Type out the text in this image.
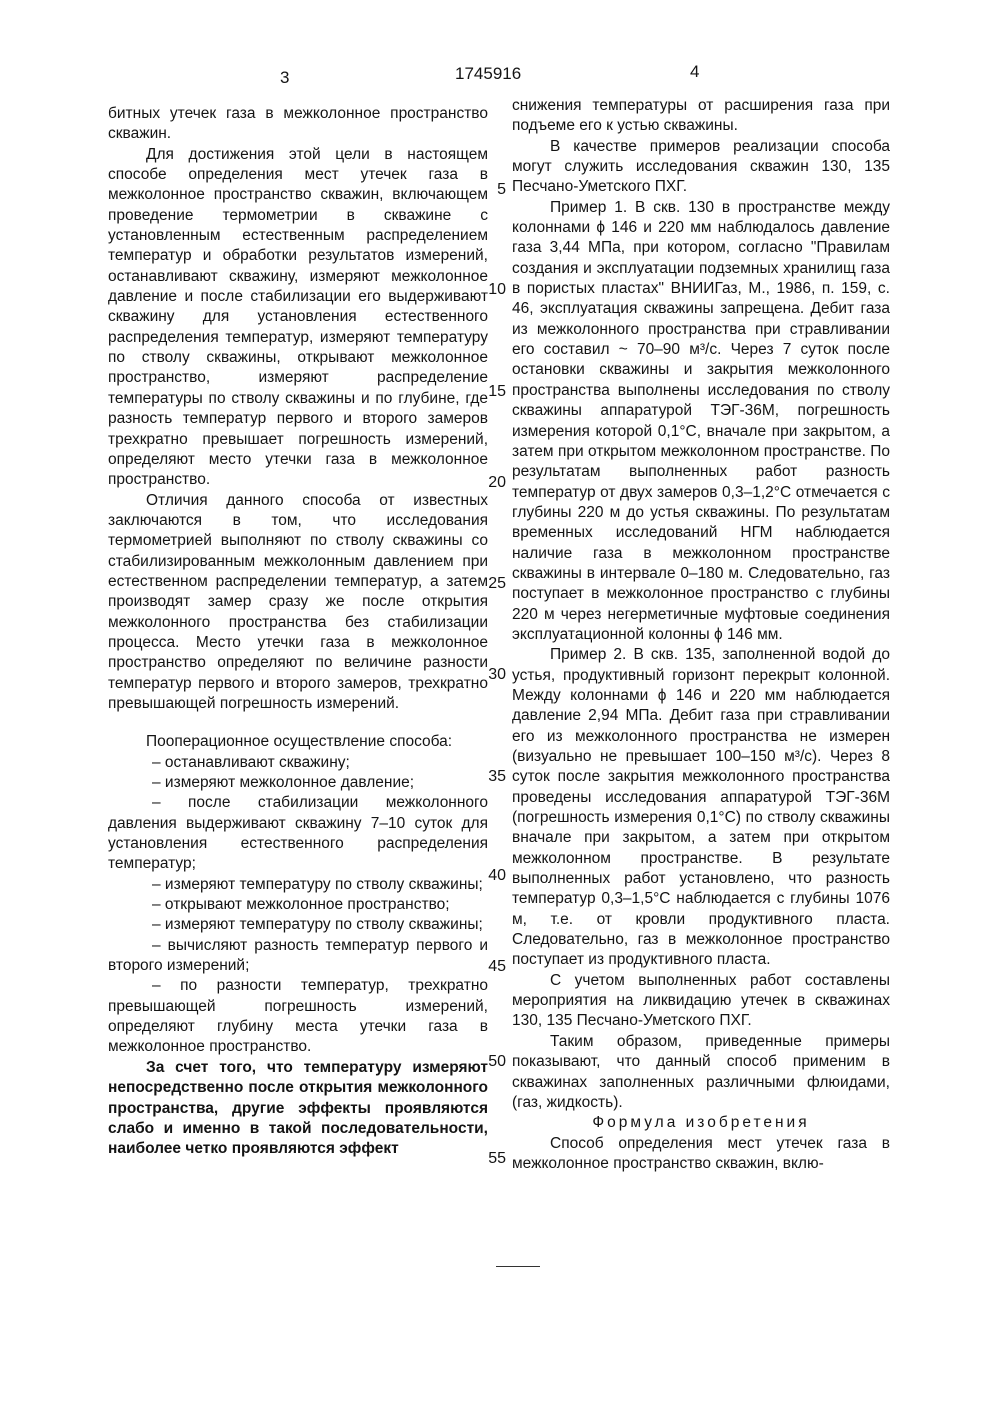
3	1745916	4

битных утечек газа в межколонное пространство скважин.

Для достижения этой цели в настоящем способе определения мест утечек газа в межколонное пространство скважин, включающем проведение термометрии в скважине с установленным естественным распределением температур и обработки результатов измерений, останавливают скважину, измеряют межколонное давление и после стабилизации его выдерживают скважину для установления естественного распределения температур, измеряют температуру по стволу скважины, открывают межколонное пространство, измеряют распределение температуры по стволу скважины и по глубине, где разность температур первого и второго замеров трехкратно превышает погрешность измерений, определяют место утечки газа в межколонное пространство.

Отличия данного способа от известных заключаются в том, что исследования термометрией выполняют по стволу скважины со стабилизированным межколонным давлением при естественном распределении температур, а затем производят замер сразу же после открытия межколонного пространства без стабилизации процесса. Место утечки газа в межколонное пространство определяют по величине разности температур первого и второго замеров, трехкратно превышающей погрешность измерений.

Пооперационное осуществление способа:

– останавливают скважину;

– измеряют межколонное давление;

– после стабилизации межколонного давления выдерживают скважину 7–10 суток для установления естественного распределения температур;

– измеряют температуру по стволу скважины;

– открывают межколонное пространство;

– измеряют температуру по стволу скважины;

– вычисляют разность температур первого и второго измерений;

– по разности температур, трехкратно превышающей погрешность измерений, определяют глубину места утечки газа в межколонное пространство.

За счет того, что температуру измеряют непосредственно после открытия межколонного пространства, другие эффекты проявляются слабо и именно в такой последовательности, наиболее четко проявляются эффект

5
10
15
20
25
30
35
40
45
50
55

снижения температуры от расширения газа при подъеме его к устью скважины.

В качестве примеров реализации способа могут служить исследования скважин 130, 135 Песчано-Уметского ПХГ.

Пример 1. В скв. 130 в пространстве между колоннами ϕ 146 и 220 мм наблюдалось давление газа 3,44 МПа, при котором, согласно "Правилам создания и эксплуатации подземных хранилищ газа в пористых пластах" ВНИИГаз, М., 1986, п. 159, с. 46, эксплуатация скважины запрещена. Дебит газа из межколонного пространства при стравливании его составил ~ 70–90 м³/с. Через 7 суток после остановки скважины и закрытия межколонного пространства выполнены исследования по стволу скважины аппаратурой ТЭГ-36М, погрешность измерения которой 0,1°С, вначале при закрытом, а затем при открытом межколонном пространстве. По результатам выполненных работ разность температур от двух замеров 0,3–1,2°С отмечается с глубины 220 м до устья скважины. По результатам временных исследований НГМ наблюдается наличие газа в межколонном пространстве скважины в интервале 0–180 м. Следовательно, газ поступает в межколонное пространство с глубины 220 м через негерметичные муфтовые соединения эксплуатационной колонны ϕ 146 мм.

Пример 2. В скв. 135, заполненной водой до устья, продуктивный горизонт перекрыт колонной. Между колоннами ϕ 146 и 220 мм наблюдается давление 2,94 МПа. Дебит газа при стравливании его из межколонного пространства не измерен (визуально не превышает 100–150 м³/с). Через 8 суток после закрытия межколонного пространства проведены исследования аппаратурой ТЭГ-36М (погрешность измерения 0,1°С) по стволу скважины вначале при закрытом, а затем при открытом межколонном пространстве. В результате выполненных работ установлено, что разность температур 0,3–1,5°С наблюдается с глубины 1076 м, т.е. от кровли продуктивного пласта. Следовательно, газ в межколонное пространство поступает из продуктивного пласта.

С учетом выполненных работ составлены мероприятия на ликвидацию утечек в скважинах 130, 135 Песчано-Уметского ПХГ.

Таким образом, приведенные примеры показывают, что данный способ применим в скважинах заполненных различными флюидами, (газ, жидкость).

Формула изобретения

Способ определения мест утечек газа в межколонное пространство скважин, вклю-
